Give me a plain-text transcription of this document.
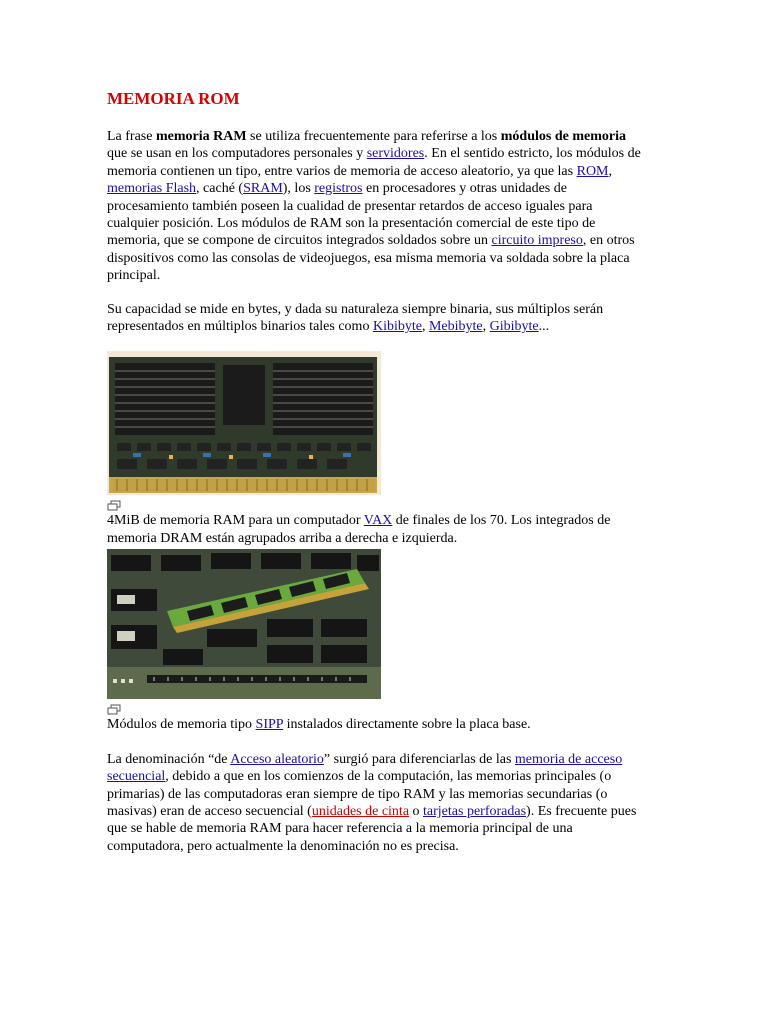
MEMORIA ROM

La frase memoria RAM se utiliza frecuentemente para referirse a los módulos de memoria que se usan en los computadores personales y servidores. En el sentido estricto, los módulos de memoria contienen un tipo, entre varios de memoria de acceso aleatorio, ya que las ROM, memorias Flash, caché (SRAM), los registros en procesadores y otras unidades de procesamiento también poseen la cualidad de presentar retardos de acceso iguales para cualquier posición. Los módulos de RAM son la presentación comercial de este tipo de memoria, que se compone de circuitos integrados soldados sobre un circuito impreso, en otros dispositivos como las consolas de videojuegos, esa misma memoria va soldada sobre la placa principal.

Su capacidad se mide en bytes, y dada su naturaleza siempre binaria, sus múltiplos serán representados en múltiplos binarios tales como Kibibyte, Mebibyte, Gibibyte...

4MiB de memoria RAM para un computador VAX de finales de los 70. Los integrados de memoria DRAM están agrupados arriba a derecha e izquierda.
Módulos de memoria tipo SIPP instalados directamente sobre la placa base.

La denominación “de Acceso aleatorio” surgió para diferenciarlas de las memoria de acceso secuencial, debido a que en los comienzos de la computación, las memorias principales (o primarias) de las computadoras eran siempre de tipo RAM y las memorias secundarias (o masivas) eran de acceso secuencial (unidades de cinta o tarjetas perforadas). Es frecuente pues que se hable de memoria RAM para hacer referencia a la memoria principal de una computadora, pero actualmente la denominación no es precisa.
